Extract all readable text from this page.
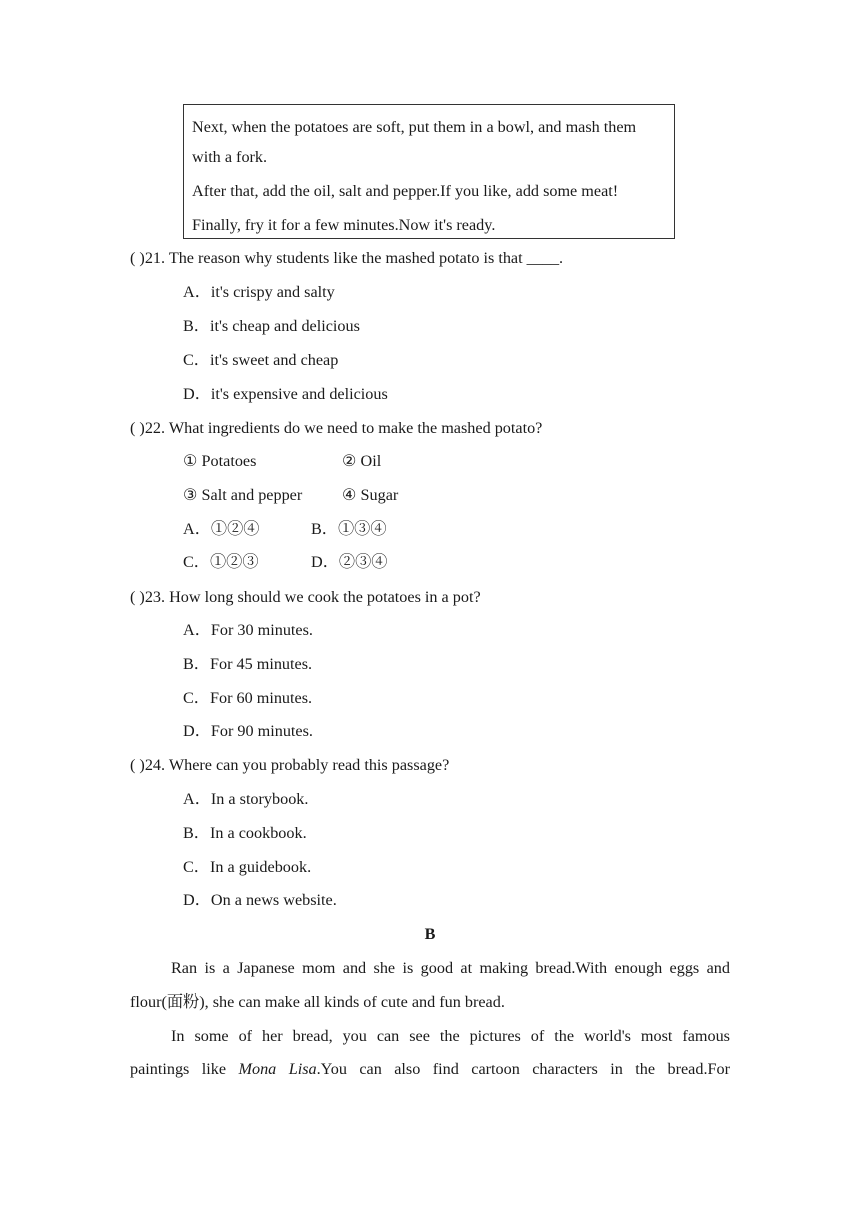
Next, when the potatoes are soft, put them in a bowl, and mash them
with a fork.
After that, add the oil, salt and pepper.If you like, add some meat!
Finally, fry it for a few minutes.Now it's ready.
( )21. The reason why students like the mashed potato is that ____.
A．it's crispy and salty
B．it's cheap and delicious
C．it's sweet and cheap
D．it's expensive and delicious
( )22. What ingredients do we need to make the mashed potato?
① Potatoes	② Oil
③ Salt and pepper ④ Sugar
A．①②④	B．①③④
C．①②③	D．②③④
( )23. How long should we cook the potatoes in a pot?
A．For 30 minutes.
B．For 45 minutes.
C．For 60 minutes.
D．For 90 minutes.
( )24. Where can you probably read this passage?
A．In a storybook.
B．In a cookbook.
C．In a guidebook.
D．On a news website.
B
Ran is a Japanese mom and she is good at making bread.With enough eggs and
flour(面粉), she can make all kinds of cute and fun bread.
In some of her bread, you can see the pictures of the world's most famous
paintings like Mona Lisa.You can also find cartoon characters in the bread.For
